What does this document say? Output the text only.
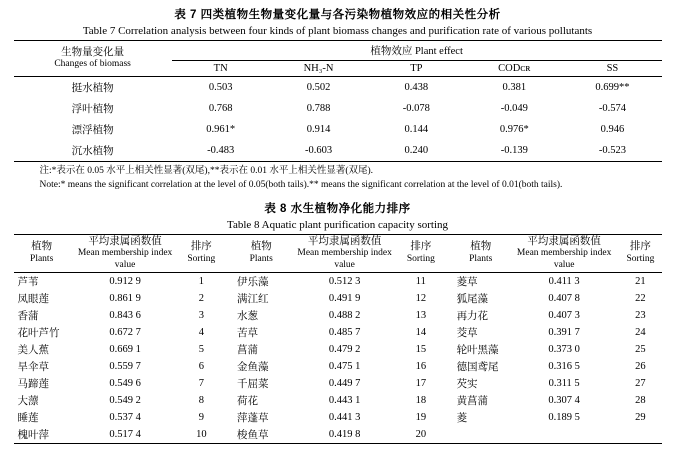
表 7 四类植物生物量变化量与各污染物植物效应的相关性分析
Table 7 Correlation analysis between four kinds of plant biomass changes and purification rate of various pollutants
生物量变化量
Changes of biomass	植物效应 Plant effect				
	TN	NH₃-N	TP	CODᴄʀ	SS
挺水植物	0.503	0.502	0.438	0.381	0.699**
浮叶植物	0.768	0.788	-0.078	-0.049	-0.574
漂浮植物	0.961*	0.914	0.144	0.976*	0.946
沉水植物	-0.483	-0.603	0.240	-0.139	-0.523
注:*表示在 0.05 水平上相关性显著(双尾),**表示在 0.01 水平上相关性显著(双尾).
Note:* means the significant correlation at the level of 0.05(both tails).** means the significant correlation at the level of 0.01(both tails).
表 8 水生植物净化能力排序
Table 8 Aquatic plant purification capacity sorting
植物
Plants

平均隶属函数值
Mean membership index value

排序
Sorting

植物
Plants

平均隶属函数值
Mean membership index value

排序
Sorting

植物
Plants

平均隶属函数值
Mean membership index value

排序
Sorting

芦苇	0.912 9	1		伊乐藻	0.512 3	11		菱草	0.411 3	21
凤眼莲	0.861 9	2		满江红	0.491 9	12		狐尾藻	0.407 8	22
香蒲	0.843 6	3		水葱	0.488 2	13		再力花	0.407 3	23
花叶芦竹	0.672 7	4		苦草	0.485 7	14		茭草	0.391 7	24
美人蕉	0.669 1	5		菖蒲	0.479 2	15		轮叶黑藻	0.373 0	25
旱伞草	0.559 7	6		金鱼藻	0.475 1	16		德国鸢尾	0.316 5	26
马蹄莲	0.549 6	7		千屈菜	0.449 7	17		芡实	0.311 5	27
大薸	0.549 2	8		荷花	0.443 1	18		黄菖蒲	0.307 4	28
睡莲	0.537 4	9		萍蓬草	0.441 3	19		菱	0.189 5	29
槐叶萍	0.517 4	10		梭鱼草	0.419 8	20				
